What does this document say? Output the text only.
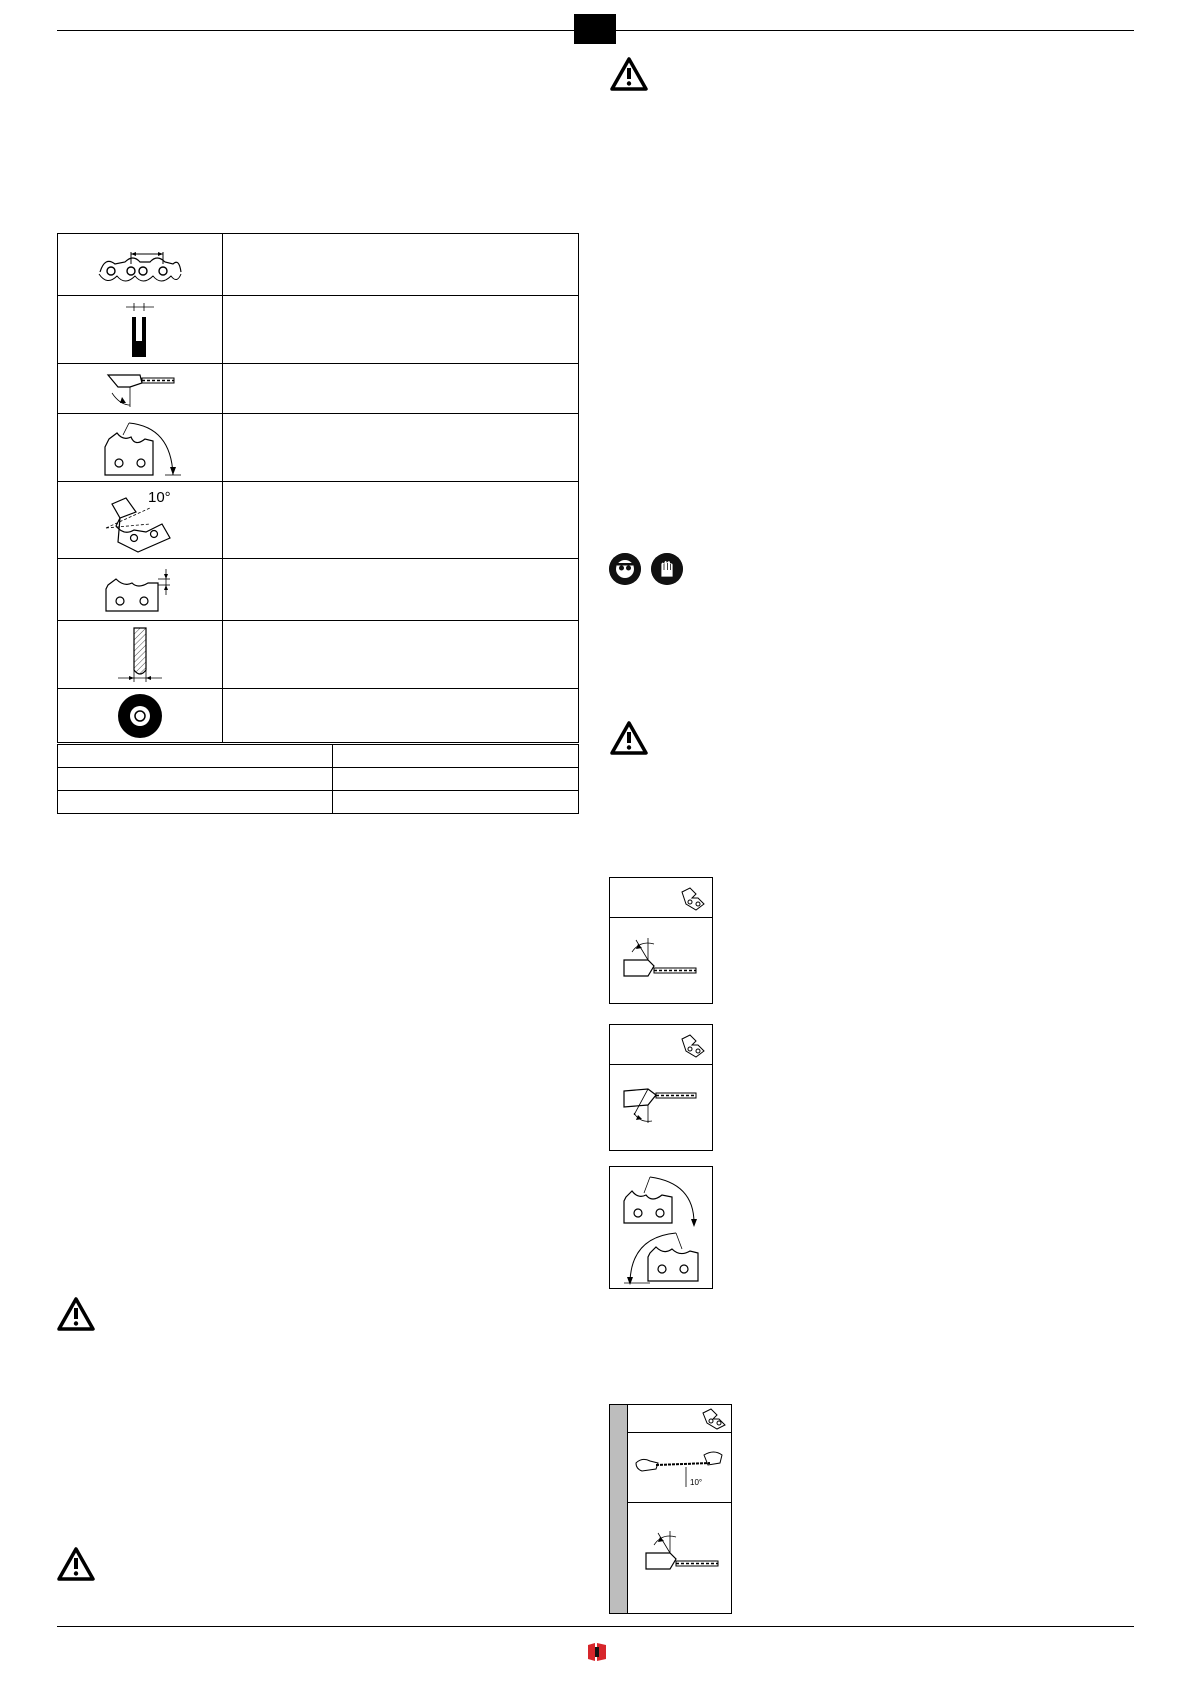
10°
10°
